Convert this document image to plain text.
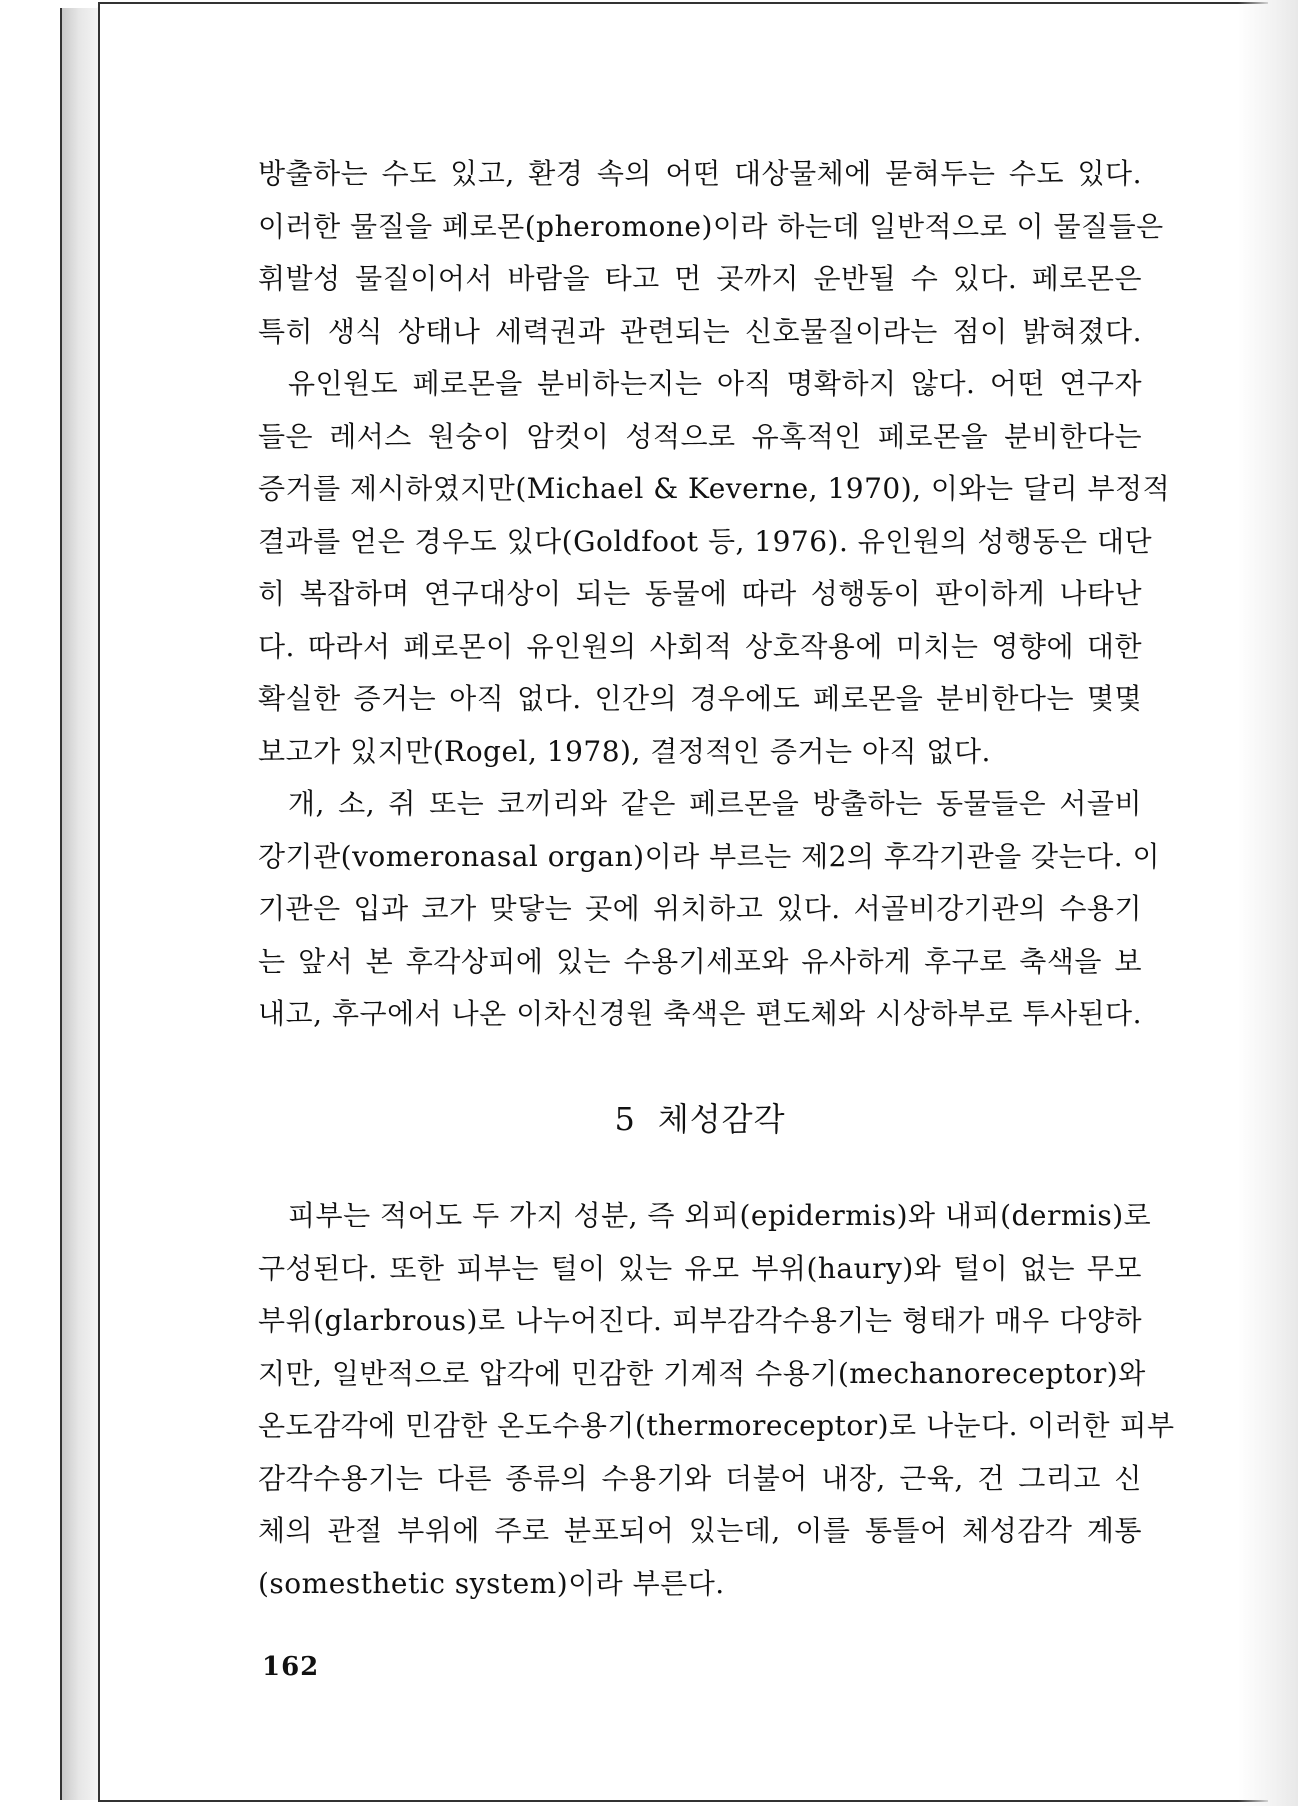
방출하는 수도 있고, 환경 속의 어떤 대상물체에 묻혀두는 수도 있다.
이러한 물질을 페로몬(pheromone)이라 하는데 일반적으로 이 물질들은
휘발성 물질이어서 바람을 타고 먼 곳까지 운반될 수 있다. 페로몬은
특히 생식 상태나 세력권과 관련되는 신호물질이라는 점이 밝혀졌다.

유인원도 페로몬을 분비하는지는 아직 명확하지 않다. 어떤 연구자
들은 레서스 원숭이 암컷이 성적으로 유혹적인 페로몬을 분비한다는
증거를 제시하였지만(Michael & Keverne, 1970), 이와는 달리 부정적
결과를 얻은 경우도 있다(Goldfoot 등, 1976). 유인원의 성행동은 대단
히 복잡하며 연구대상이 되는 동물에 따라 성행동이 판이하게 나타난
다. 따라서 페로몬이 유인원의 사회적 상호작용에 미치는 영향에 대한
확실한 증거는 아직 없다. 인간의 경우에도 페로몬을 분비한다는 몇몇
보고가 있지만(Rogel, 1978), 결정적인 증거는 아직 없다.

개, 소, 쥐 또는 코끼리와 같은 페르몬을 방출하는 동물들은 서골비
강기관(vomeronasal organ)이라 부르는 제2의 후각기관을 갖는다. 이
기관은 입과 코가 맞닿는 곳에 위치하고 있다. 서골비강기관의 수용기
는 앞서 본 후각상피에 있는 수용기세포와 유사하게 후구로 축색을 보
내고, 후구에서 나온 이차신경원 축색은 편도체와 시상하부로 투사된다.

5 체성감각

피부는 적어도 두 가지 성분, 즉 외피(epidermis)와 내피(dermis)로
구성된다. 또한 피부는 털이 있는 유모 부위(haury)와 털이 없는 무모
부위(glarbrous)로 나누어진다. 피부감각수용기는 형태가 매우 다양하
지만, 일반적으로 압각에 민감한 기계적 수용기(mechanoreceptor)와
온도감각에 민감한 온도수용기(thermoreceptor)로 나눈다. 이러한 피부
감각수용기는 다른 종류의 수용기와 더불어 내장, 근육, 건 그리고 신
체의 관절 부위에 주로 분포되어 있는데, 이를 통틀어 체성감각 계통
(somesthetic system)이라 부른다.

162
